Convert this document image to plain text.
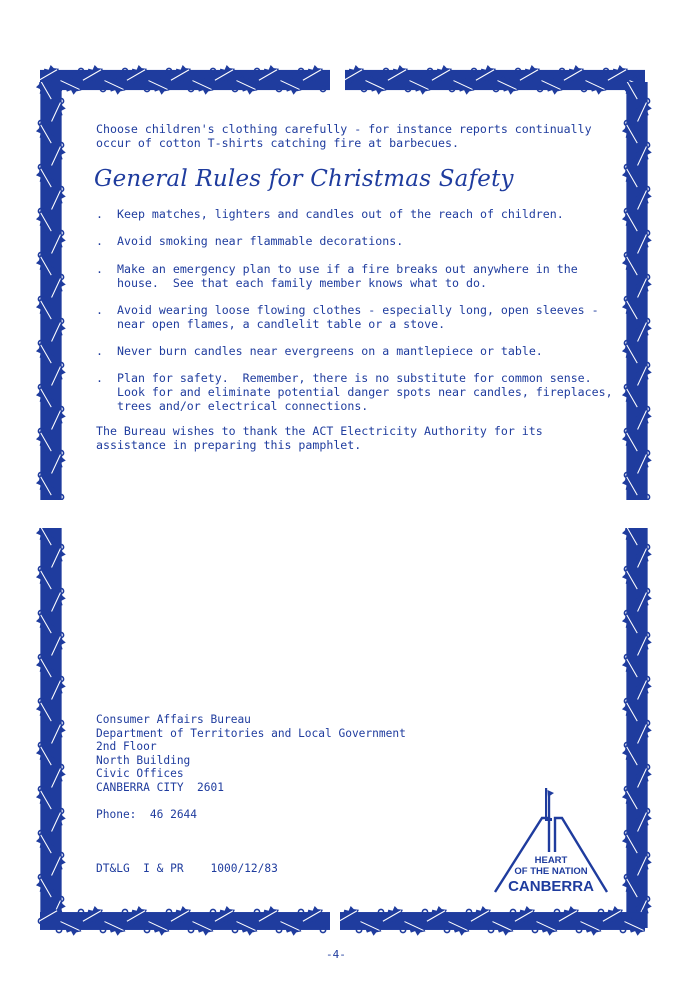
Choose children's clothing carefully - for instance reports continually
occur of cotton T-shirts catching fire at barbecues.
General Rules for Christmas Safety
. Keep matches, lighters and candles out of the reach of children.
. Avoid smoking near flammable decorations.
. Make an emergency plan to use if a fire breaks out anywhere in the
house.  See that each family member knows what to do.
. Avoid wearing loose flowing clothes - especially long, open sleeves -
near open flames, a candlelit table or a stove.
. Never burn candles near evergreens on a mantlepiece or table.
. Plan for safety.  Remember, there is no substitute for common sense.
Look for and eliminate potential danger spots near candles, fireplaces,
trees and/or electrical connections.
The Bureau wishes to thank the ACT Electricity Authority for its
assistance in preparing this pamphlet.
Consumer Affairs Bureau
Department of Territories and Local Government
2nd Floor
North Building
Civic Offices
CANBERRA CITY  2601
Phone:  46 2644
DT&LG  I & PR    1000/12/83
HEART
OF THE NATION
CANBERRA
-4-
